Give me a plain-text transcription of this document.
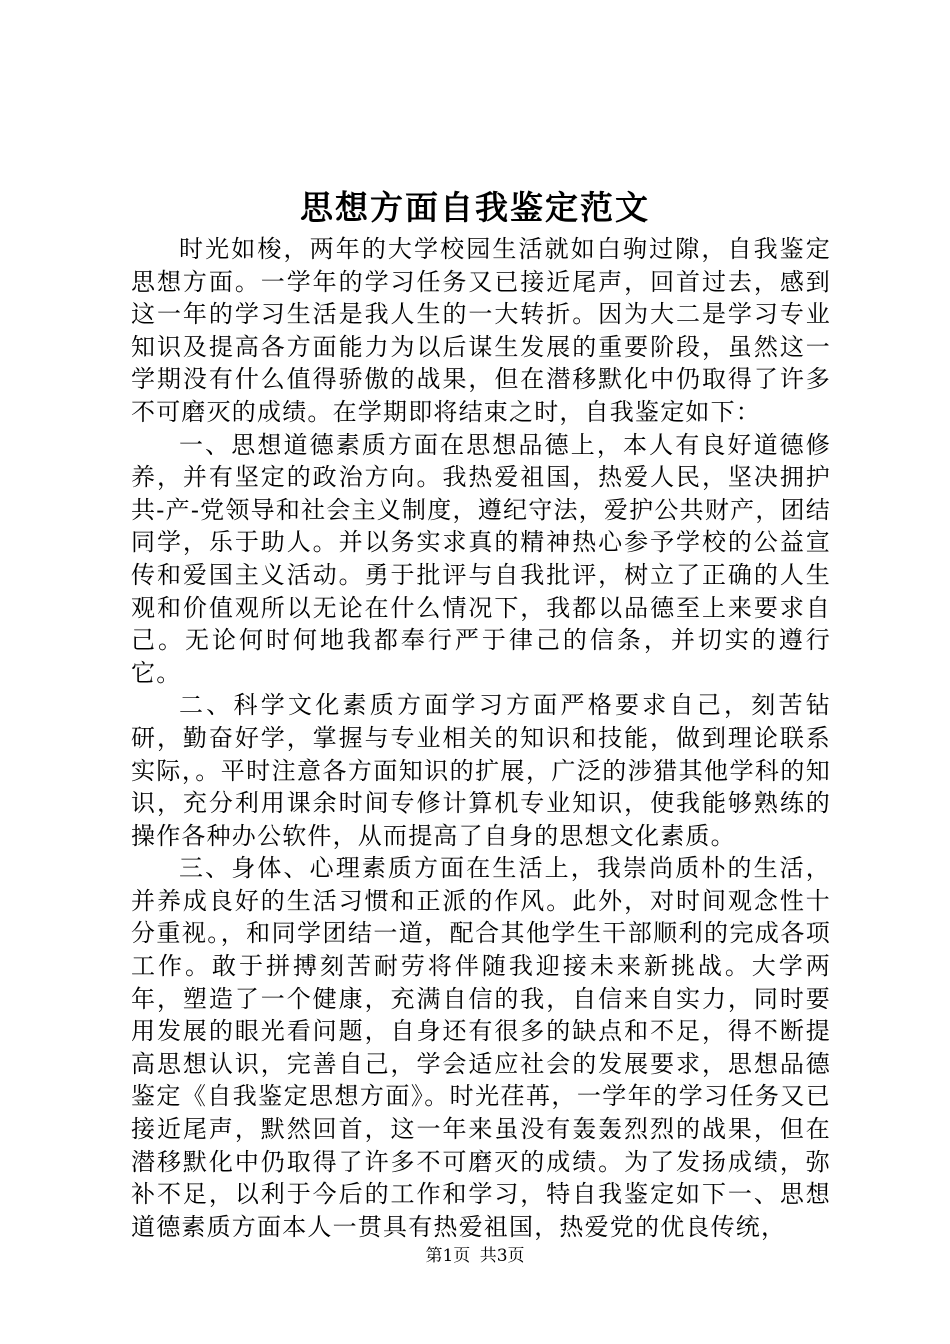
思想方面自我鉴定范文

时光如梭，两年的大学校园生活就如白驹过隙，自我鉴定思想方面。一学年的学习任务又已接近尾声，回首过去，感到这一年的学习生活是我人生的一大转折。因为大二是学习专业知识及提高各方面能力为以后谋生发展的重要阶段，虽然这一学期没有什么值得骄傲的战果，但在潜移默化中仍取得了许多不可磨灭的成绩。在学期即将结束之时，自我鉴定如下：

一、思想道德素质方面在思想品德上，本人有良好道德修养，并有坚定的政治方向。我热爱祖国，热爱人民，坚决拥护共-产-党领导和社会主义制度，遵纪守法，爱护公共财产，团结同学，乐于助人。并以务实求真的精神热心参予学校的公益宣传和爱国主义活动。勇于批评与自我批评，树立了正确的人生观和价值观所以无论在什么情况下，我都以品德至上来要求自己。无论何时何地我都奉行严于律己的信条，并切实的遵行它。

二、科学文化素质方面学习方面严格要求自己，刻苦钻研，勤奋好学，掌握与专业相关的知识和技能，做到理论联系实际，。平时注意各方面知识的扩展，广泛的涉猎其他学科的知识，充分利用课余时间专修计算机专业知识，使我能够熟练的操作各种办公软件，从而提高了自身的思想文化素质。

三、身体、心理素质方面在生活上，我崇尚质朴的生活，并养成良好的生活习惯和正派的作风。此外，对时间观念性十分重视。，和同学团结一道，配合其他学生干部顺利的完成各项工作。敢于拼搏刻苦耐劳将伴随我迎接未来新挑战。大学两年，塑造了一个健康，充满自信的我，自信来自实力，同时要用发展的眼光看问题，自身还有很多的缺点和不足，得不断提高思想认识，完善自己，学会适应社会的发展要求，思想品德鉴定《自我鉴定思想方面》。时光荏苒，一学年的学习任务又已接近尾声，默然回首，这一年来虽没有轰轰烈烈的战果，但在潜移默化中仍取得了许多不可磨灭的成绩。为了发扬成绩，弥补不足，以利于今后的工作和学习，特自我鉴定如下一、思想道德素质方面本人一贯具有热爱祖国，热爱党的优良传统，

第1页 共3页
